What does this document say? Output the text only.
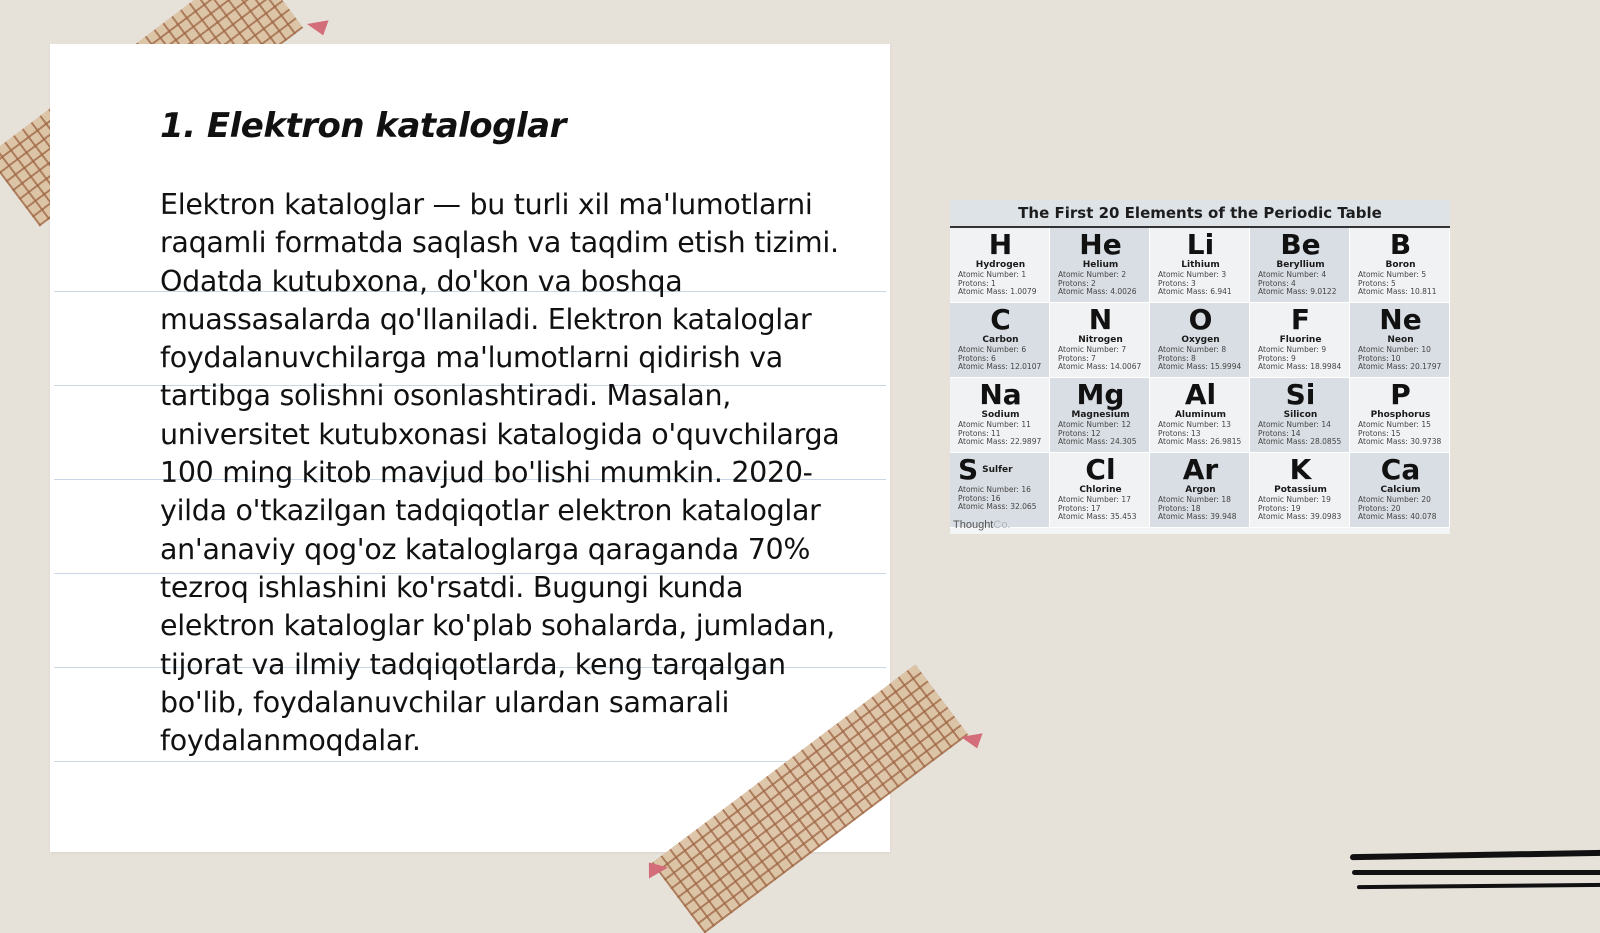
1. Elektron kataloglar

Elektron kataloglar — bu turli xil ma'lumotlarni raqamli formatda saqlash va taqdim etish tizimi. Odatda kutubxona, do'kon va boshqa muassasalarda qo'llaniladi. Elektron kataloglar foydalanuvchilarga ma'lumotlarni qidirish va tartibga solishni osonlashtiradi. Masalan, universitet kutubxonasi katalogida o'quvchilarga 100 ming kitob mavjud bo'lishi mumkin. 2020-yilda o'tkazilgan tadqiqotlar elektron kataloglar an'anaviy qog'oz kataloglarga qaraganda 70% tezroq ishlashini ko'rsatdi. Bugungi kunda elektron kataloglar ko'plab sohalarda, jumladan, tijorat va ilmiy tadqiqotlarda, keng tarqalgan bo'lib, foydalanuvchilar ulardan samarali foydalanmoqdalar.

The First 20 Elements of the Periodic Table
H
Hydrogen
Atomic Number: 1
Protons: 1
Atomic Mass: 1.0079
He
Helium
Atomic Number: 2
Protons: 2
Atomic Mass: 4.0026
Li
Lithium
Atomic Number: 3
Protons: 3
Atomic Mass: 6.941
Be
Beryllium
Atomic Number: 4
Protons: 4
Atomic Mass: 9.0122
B
Boron
Atomic Number: 5
Protons: 5
Atomic Mass: 10.811
C
Carbon
Atomic Number: 6
Protons: 6
Atomic Mass: 12.0107
N
Nitrogen
Atomic Number: 7
Protons: 7
Atomic Mass: 14.0067
O
Oxygen
Atomic Number: 8
Protons: 8
Atomic Mass: 15.9994
F
Fluorine
Atomic Number: 9
Protons: 9
Atomic Mass: 18.9984
Ne
Neon
Atomic Number: 10
Protons: 10
Atomic Mass: 20.1797
Na
Sodium
Atomic Number: 11
Protons: 11
Atomic Mass: 22.9897
Mg
Magnesium
Atomic Number: 12
Protons: 12
Atomic Mass: 24.305
Al
Aluminum
Atomic Number: 13
Protons: 13
Atomic Mass: 26.9815
Si
Silicon
Atomic Number: 14
Protons: 14
Atomic Mass: 28.0855
P
Phosphorus
Atomic Number: 15
Protons: 15
Atomic Mass: 30.9738
S Sulfer
Atomic Number: 16
Protons: 16
Atomic Mass: 32.065
Cl
Chlorine
Atomic Number: 17
Protons: 17
Atomic Mass: 35.453
Ar
Argon
Atomic Number: 18
Protons: 18
Atomic Mass: 39.948
K
Potassium
Atomic Number: 19
Protons: 19
Atomic Mass: 39.0983
Ca
Calcium
Atomic Number: 20
Protons: 20
Atomic Mass: 40.078
ThoughtCo.
